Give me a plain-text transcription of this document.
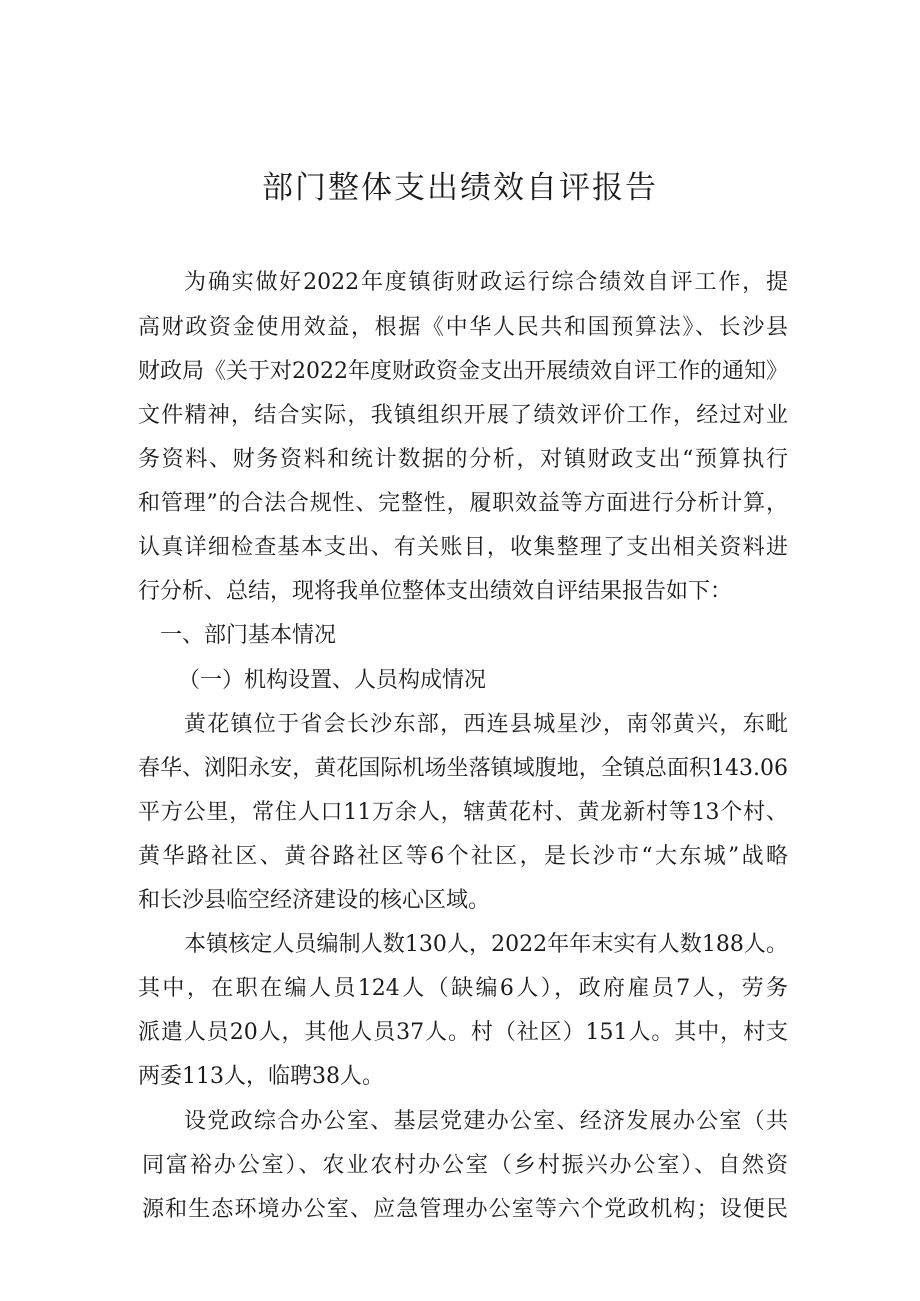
部门整体支出绩效自评报告
为确实做好2022年度镇街财政运行综合绩效自评工作，提
高财政资金使用效益，根据《中华人民共和国预算法》、长沙县
财政局《关于对2022年度财政资金支出开展绩效自评工作的通知》
文件精神，结合实际，我镇组织开展了绩效评价工作，经过对业
务资料、财务资料和统计数据的分析，对镇财政支出“预算执行
和管理”的合法合规性、完整性，履职效益等方面进行分析计算，
认真详细检查基本支出、有关账目，收集整理了支出相关资料进
行分析、总结，现将我单位整体支出绩效自评结果报告如下：
一、部门基本情况
（一）机构设置、人员构成情况
黄花镇位于省会长沙东部，西连县城星沙，南邻黄兴，东毗
春华、浏阳永安，黄花国际机场坐落镇域腹地，全镇总面积143.06
平方公里，常住人口11万余人，辖黄花村、黄龙新村等13个村、
黄华路社区、黄谷路社区等6个社区，是长沙市“大东城”战略
和长沙县临空经济建设的核心区域。
本镇核定人员编制人数130人，2022年年末实有人数188人。
其中，在职在编人员124人（缺编6人），政府雇员7人，劳务
派遣人员20人，其他人员37人。村（社区）151人。其中，村支
两委113人，临聘38人。
设党政综合办公室、基层党建办公室、经济发展办公室（共
同富裕办公室）、农业农村办公室（乡村振兴办公室）、自然资
源和生态环境办公室、应急管理办公室等六个党政机构；设便民
